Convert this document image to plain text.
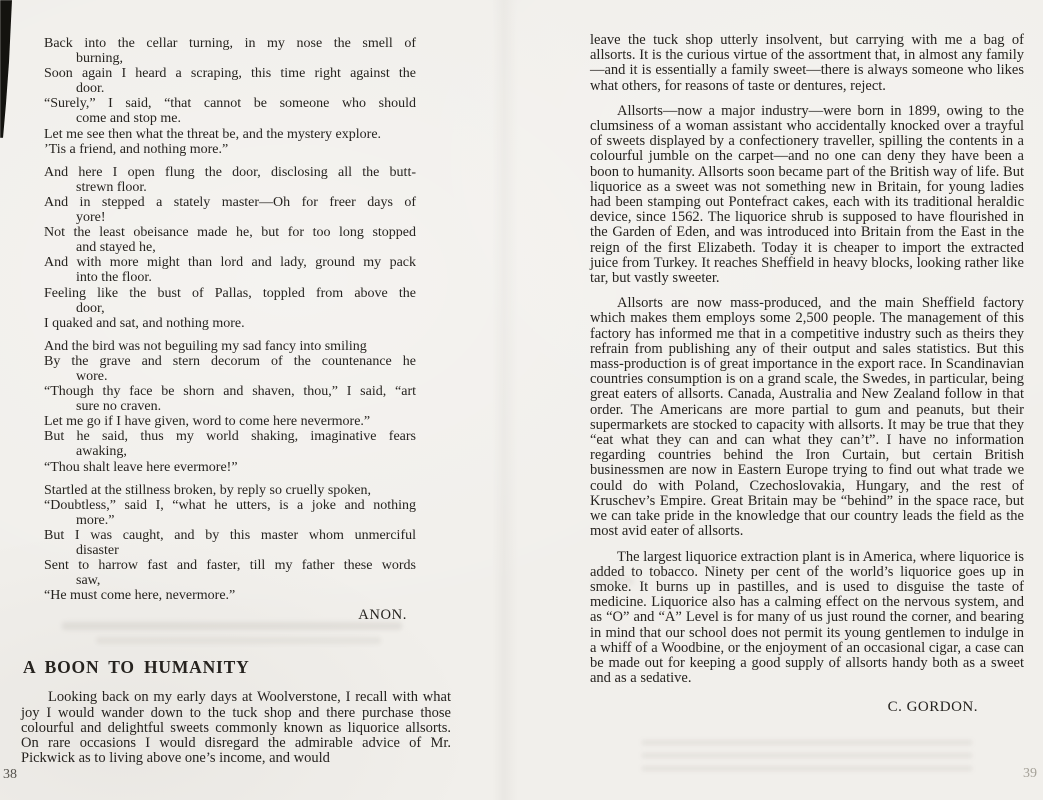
Back into the cellar turning, in my nose the smell of
burning,
Soon again I heard a scraping, this time right against the
door.
“Surely,” I said, “that cannot be someone who should
come and stop me.
Let me see then what the threat be, and the mystery explore.
’Tis a friend, and nothing more.”
And here I open flung the door, disclosing all the butt-
strewn floor.
And in stepped a stately master—Oh for freer days of
yore!
Not the least obeisance made he, but for too long stopped
and stayed he,
And with more might than lord and lady, ground my pack
into the floor.
Feeling like the bust of Pallas, toppled from above the
door,
I quaked and sat, and nothing more.
And the bird was not beguiling my sad fancy into smiling
By the grave and stern decorum of the countenance he
wore.
“Though thy face be shorn and shaven, thou,” I said, “art
sure no craven.
Let me go if I have given, word to come here nevermore.”
But he said, thus my world shaking, imaginative fears
awaking,
“Thou shalt leave here evermore!”
Startled at the stillness broken, by reply so cruelly spoken,
“Doubtless,” said I, “what he utters, is a joke and nothing
more.”
But I was caught, and by this master whom unmerciful
disaster
Sent to harrow fast and faster, till my father these words
saw,
“He must come here, nevermore.”
ANON.
A BOON TO HUMANITY

Looking back on my early days at Woolverstone, I recall with what joy I would wander down to the tuck shop and there purchase those colourful and delightful sweets commonly known as liquorice allsorts. On rare occasions I would disregard the admirable advice of Mr. Pickwick as to living above one’s income, and would

leave the tuck shop utterly insolvent, but carrying with me a bag of allsorts. It is the curious virtue of the assortment that, in almost any family—and it is essentially a family sweet—there is always someone who likes what others, for reasons of taste or dentures, reject.

Allsorts—now a major industry—were born in 1899, owing to the clumsiness of a woman assistant who accidentally knocked over a trayful of sweets displayed by a confectionery traveller, spilling the contents in a colourful jumble on the carpet—and no one can deny they have been a boon to humanity. Allsorts soon became part of the British way of life. But liquorice as a sweet was not something new in Britain, for young ladies had been stamping out Pontefract cakes, each with its traditional heraldic device, since 1562. The liquorice shrub is supposed to have flourished in the Garden of Eden, and was introduced into Britain from the East in the reign of the first Elizabeth. Today it is cheaper to import the extracted juice from Turkey. It reaches Sheffield in heavy blocks, looking rather like tar, but vastly sweeter.

Allsorts are now mass-produced, and the main Sheffield factory which makes them employs some 2,500 people. The management of this factory has informed me that in a competitive industry such as theirs they refrain from publishing any of their output and sales statistics. But this mass-production is of great importance in the export race. In Scandinavian countries consumption is on a grand scale, the Swedes, in particular, being great eaters of allsorts. Canada, Australia and New Zealand follow in that order. The Americans are more partial to gum and peanuts, but their supermarkets are stocked to capacity with allsorts. It may be true that they “eat what they can and can what they can’t”. I have no information regarding countries behind the Iron Curtain, but certain British businessmen are now in Eastern Europe trying to find out what trade we could do with Poland, Czechoslovakia, Hungary, and the rest of Kruschev’s Empire. Great Britain may be “behind” in the space race, but we can take pride in the knowledge that our country leads the field as the most avid eater of allsorts.

The largest liquorice extraction plant is in America, where liquorice is added to tobacco. Ninety per cent of the world’s liquorice goes up in smoke. It burns up in pastilles, and is used to disguise the taste of medicine. Liquorice also has a calming effect on the nervous system, and as “O” and “A” Level is for many of us just round the corner, and bearing in mind that our school does not permit its young gentlemen to indulge in a whiff of a Woodbine, or the enjoyment of an occasional cigar, a case can be made out for keeping a good supply of allsorts handy both as a sweet and as a sedative.

C. GORDON.
38	39
